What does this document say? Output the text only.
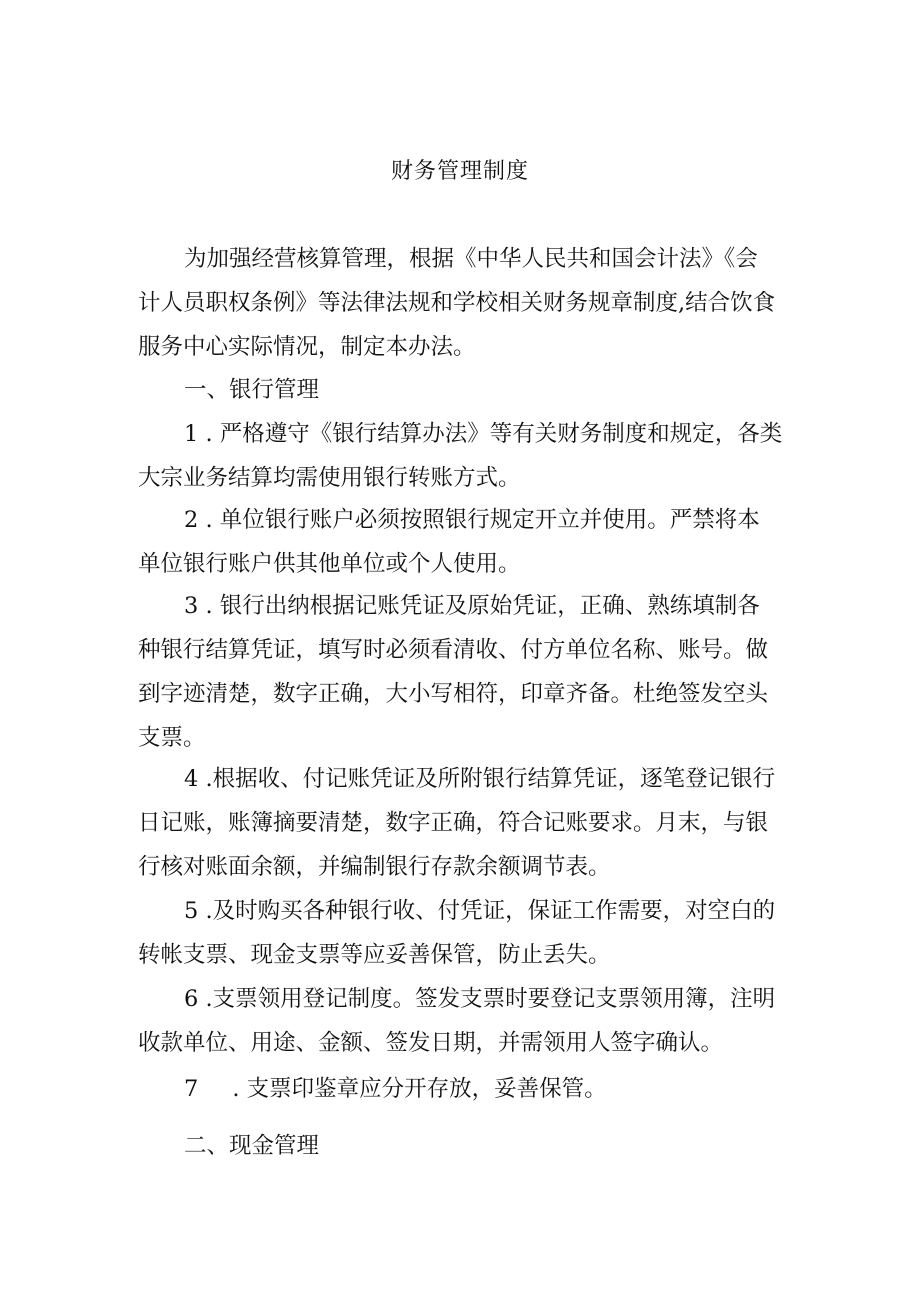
财务管理制度
为加强经营核算管理，根据《中华人民共和国会计法》《会
计人员职权条例》等法律法规和学校相关财务规章制度,结合饮食
服务中心实际情况，制定本办法。
一、银行管理
1 . 严格遵守《银行结算办法》等有关财务制度和规定，各类
大宗业务结算均需使用银行转账方式。
2 . 单位银行账户必须按照银行规定开立并使用。严禁将本
单位银行账户供其他单位或个人使用。
3 . 银行出纳根据记账凭证及原始凭证，正确、熟练填制各
种银行结算凭证，填写时必须看清收、付方单位名称、账号。做
到字迹清楚，数字正确，大小写相符，印章齐备。杜绝签发空头
支票。
4 .根据收、付记账凭证及所附银行结算凭证，逐笔登记银行
日记账，账簿摘要清楚，数字正确，符合记账要求。月末，与银
行核对账面余额，并编制银行存款余额调节表。
5 .及时购买各种银行收、付凭证，保证工作需要，对空白的
转帐支票、现金支票等应妥善保管，防止丢失。
6 .支票领用登记制度。签发支票时要登记支票领用簿，注明
收款单位、用途、金额、签发日期，并需领用人签字确认。
7 . 支票印鉴章应分开存放，妥善保管。
二、现金管理
